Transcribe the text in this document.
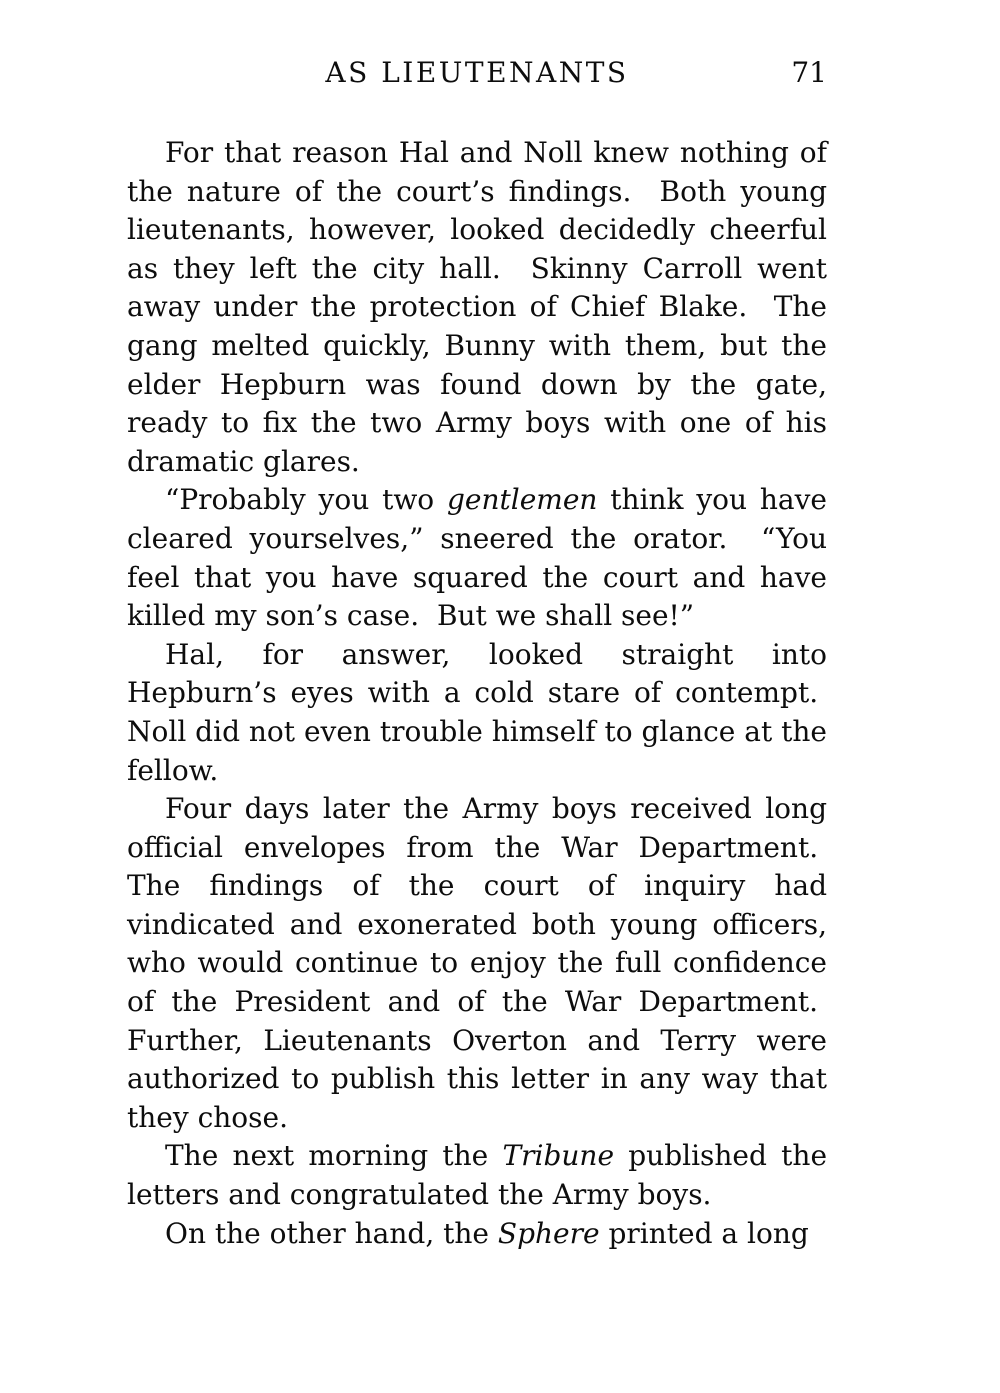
AS LIEUTENANTS	71

For that reason Hal and Noll knew nothing of the nature of the court’s findings.  Both young lieutenants, however, looked decidedly cheerful as they left the city hall.  Skinny Carroll went away under the protection of Chief Blake.  The gang melted quickly, Bunny with them, but the elder Hepburn was found down by the gate, ready to fix the two Army boys with one of his dramatic glares.

“Probably you two gentlemen think you have cleared yourselves,” sneered the orator.  “You feel that you have squared the court and have killed my son’s case.  But we shall see!”

Hal, for answer, looked straight into Hepburn’s eyes with a cold stare of contempt.  Noll did not even trouble himself to glance at the fellow.

Four days later the Army boys received long official envelopes from the War Department.  The findings of the court of inquiry had vindicated and exonerated both young officers, who would continue to enjoy the full confidence of the President and of the War Department.  Further, Lieutenants Overton and Terry were authorized to publish this letter in any way that they chose.

The next morning the Tribune published the letters and congratulated the Army boys.

On the other hand, the Sphere printed a long
